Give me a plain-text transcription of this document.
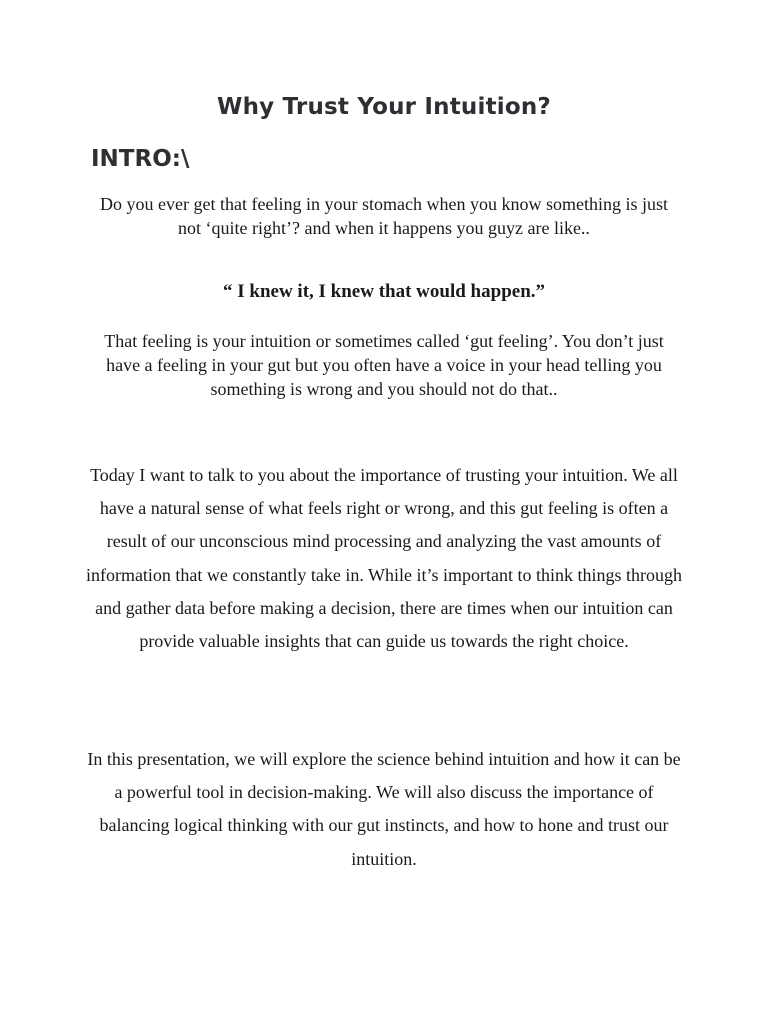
Why Trust Your Intuition?
INTRO:\

Do you ever get that feeling in your stomach when you know something is just not ‘quite right’? and when it happens you guyz are like..

“ I knew it, I knew that would happen.”

That feeling is your intuition or sometimes called ‘gut feeling’. You don’t just have a feeling in your gut but you often have a voice in your head telling you something is wrong and you should not do that..

Today I want to talk to you about the importance of trusting your intuition. We all have a natural sense of what feels right or wrong, and this gut feeling is often a result of our unconscious mind processing and analyzing the vast amounts of information that we constantly take in. While it’s important to think things through and gather data before making a decision, there are times when our intuition can provide valuable insights that can guide us towards the right choice.

In this presentation, we will explore the science behind intuition and how it can be a powerful tool in decision-making. We will also discuss the importance of balancing logical thinking with our gut instincts, and how to hone and trust our intuition.
